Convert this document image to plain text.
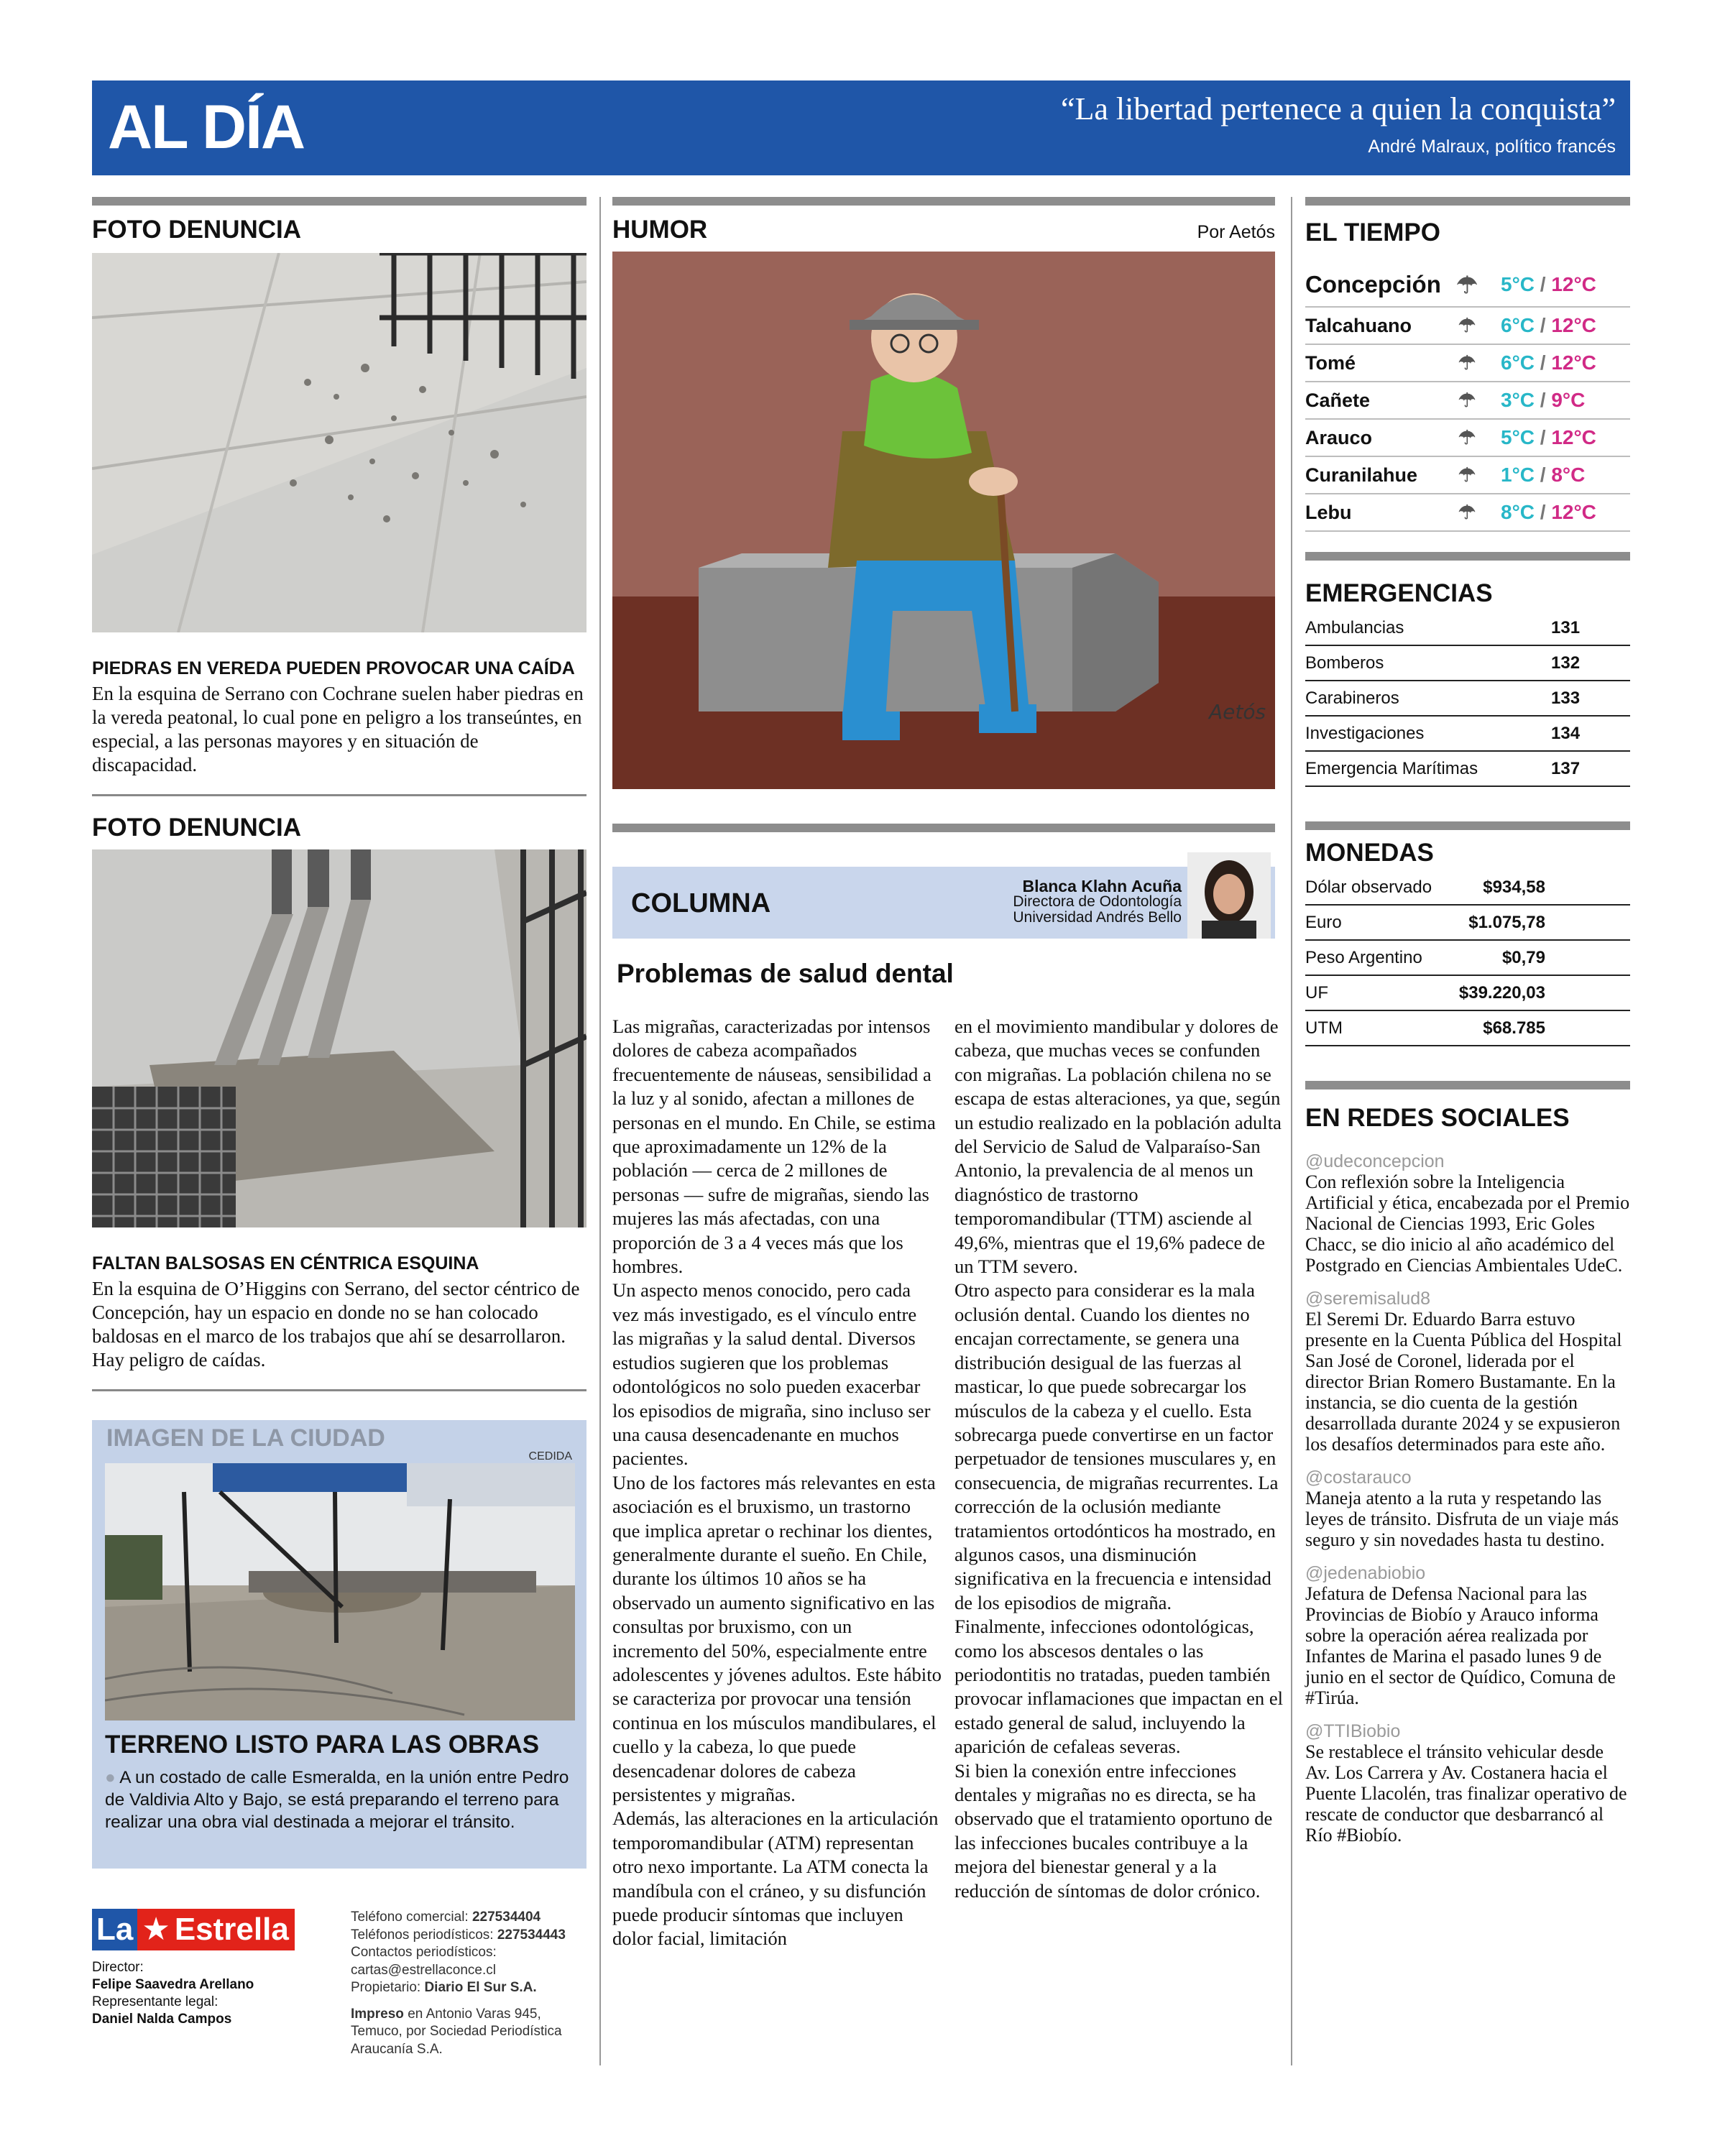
AL DÍA	“La libertad pertenece a quien la conquista”
André Malraux, político francés
FOTO DENUNCIA
PIEDRAS EN VEREDA PUEDEN PROVOCAR UNA CAÍDA
En la esquina de Serrano con Cochrane suelen haber piedras en la vereda peatonal, lo cual pone en peligro a los transeúntes, en especial, a las personas mayores y en situación de discapacidad.
FOTO DENUNCIA
FALTAN BALSOSAS EN CÉNTRICA ESQUINA
En la esquina de O’Higgins con Serrano, del sector céntrico de Concepción, hay un espacio en donde no se han colocado baldosas en el marco de los trabajos que ahí se desarrollaron. Hay peligro de caídas.
IMAGEN DE LA CIUDAD
CEDIDA
TERRENO LISTO PARA LAS OBRAS
● A un costado de calle Esmeralda, en la unión entre Pedro de Valdivia Alto y Bajo, se está preparando el terreno para realizar una obra vial destinada a mejorar el tránsito.
La ★ Estrella
Director:
Felipe Saavedra Arellano
Representante legal:
Daniel Nalda Campos
Teléfono comercial: 227534404
Teléfonos periodísticos: 227534443
Contactos periodísticos:
cartas@estrellaconce.cl
Propietario: Diario El Sur S.A.
Impreso en Antonio Varas 945, Temuco, por Sociedad Periodística Araucanía S.A.
HUMOR	Por Aetós
Aetós
COLUMNA
Blanca Klahn Acuña
Directora de Odontología
Universidad Andrés Bello
Problemas de salud dental

Las migrañas, caracterizadas por intensos dolores de cabeza acompañados frecuentemente de náuseas, sensibilidad a la luz y al sonido, afectan a millones de personas en el mundo. En Chile, se estima que aproximadamente un 12% de la población — cerca de 2 millones de personas — sufre de migrañas, siendo las mujeres las más afectadas, con una proporción de 3 a 4 veces más que los hombres.

Un aspecto menos conocido, pero cada vez más investigado, es el vínculo entre las migrañas y la salud dental. Diversos estudios sugieren que los problemas odontológicos no solo pueden exacerbar los episodios de migraña, sino incluso ser una causa desencadenante en muchos pacientes.

Uno de los factores más relevantes en esta asociación es el bruxismo, un trastorno que implica apretar o rechinar los dientes, generalmente durante el sueño. En Chile, durante los últimos 10 años se ha observado un aumento significativo en las consultas por bruxismo, con un incremento del 50%, especialmente entre adolescentes y jóvenes adultos. Este hábito se caracteriza por provocar una tensión continua en los músculos mandibulares, el cuello y la cabeza, lo que puede desencadenar dolores de cabeza persistentes y migrañas.

Además, las alteraciones en la articulación temporomandibular (ATM) representan otro nexo importante. La ATM conecta la mandíbula con el cráneo, y su disfunción puede producir síntomas que incluyen dolor facial, limitación

en el movimiento mandibular y dolores de cabeza, que muchas veces se confunden con migrañas. La población chilena no se escapa de estas alteraciones, ya que, según un estudio realizado en la población adulta del Servicio de Salud de Valparaíso-San Antonio, la prevalencia de al menos un diagnóstico de trastorno temporomandibular (TTM) asciende al 49,6%, mientras que el 19,6% padece de un TTM severo.

Otro aspecto para considerar es la mala oclusión dental. Cuando los dientes no encajan correctamente, se genera una distribución desigual de las fuerzas al masticar, lo que puede sobrecargar los músculos de la cabeza y el cuello. Esta sobrecarga puede convertirse en un factor perpetuador de tensiones musculares y, en consecuencia, de migrañas recurrentes. La corrección de la oclusión mediante tratamientos ortodónticos ha mostrado, en algunos casos, una disminución significativa en la frecuencia e intensidad de los episodios de migraña.

Finalmente, infecciones odontológicas, como los abscesos dentales o las periodontitis no tratadas, pueden también provocar inflamaciones que impactan en el estado general de salud, incluyendo la aparición de cefaleas severas.

Si bien la conexión entre infecciones dentales y migrañas no es directa, se ha observado que el tratamiento oportuno de las infecciones bucales contribuye a la mejora del bienestar general y a la reducción de síntomas de dolor crónico.

EL TIEMPO
Concepción ☂	5°C / 12°C
Talcahuano	☂	6°C / 12°C
Tomé	☂	6°C / 12°C
Cañete	☂	3°C / 9°C
Arauco	☂	5°C / 12°C
Curanilahue	☂	1°C / 8°C
Lebu	☂	8°C / 12°C
EMERGENCIAS
Ambulancias	131
Bomberos	132
Carabineros	133
Investigaciones	134
Emergencia Marítimas	137
MONEDAS
Dólar observado	$934,58
Euro	$1.075,78
Peso Argentino	$0,79
UF	$39.220,03
UTM	$68.785
EN REDES SOCIALES
@udeconcepcion
Con reflexión sobre la Inteligencia Artificial y ética, encabezada por el Premio Nacional de Ciencias 1993, Eric Goles Chacc, se dio inicio al año académico del Postgrado en Ciencias Ambientales UdeC.
@seremisalud8
El Seremi Dr. Eduardo Barra estuvo presente en la Cuenta Pública del Hospital San José de Coronel, liderada por el director Brian Romero Bustamante. En la instancia, se dio cuenta de la gestión desarrollada durante 2024 y se expusieron los desafíos determinados para este año.
@costarauco
Maneja atento a la ruta y respetando las leyes de tránsito. Disfruta de un viaje más seguro y sin novedades hasta tu destino.
@jedenabiobio
Jefatura de Defensa Nacional para las Provincias de Biobío y Arauco informa sobre la operación aérea realizada por Infantes de Marina el pasado lunes 9 de junio en el sector de Quídico, Comuna de #Tirúa.
@TTIBiobio
Se restablece el tránsito vehicular desde Av. Los Carrera y Av. Costanera hacia el Puente Llacolén, tras finalizar operativo de rescate de conductor que desbarrancó al Río #Biobío.
